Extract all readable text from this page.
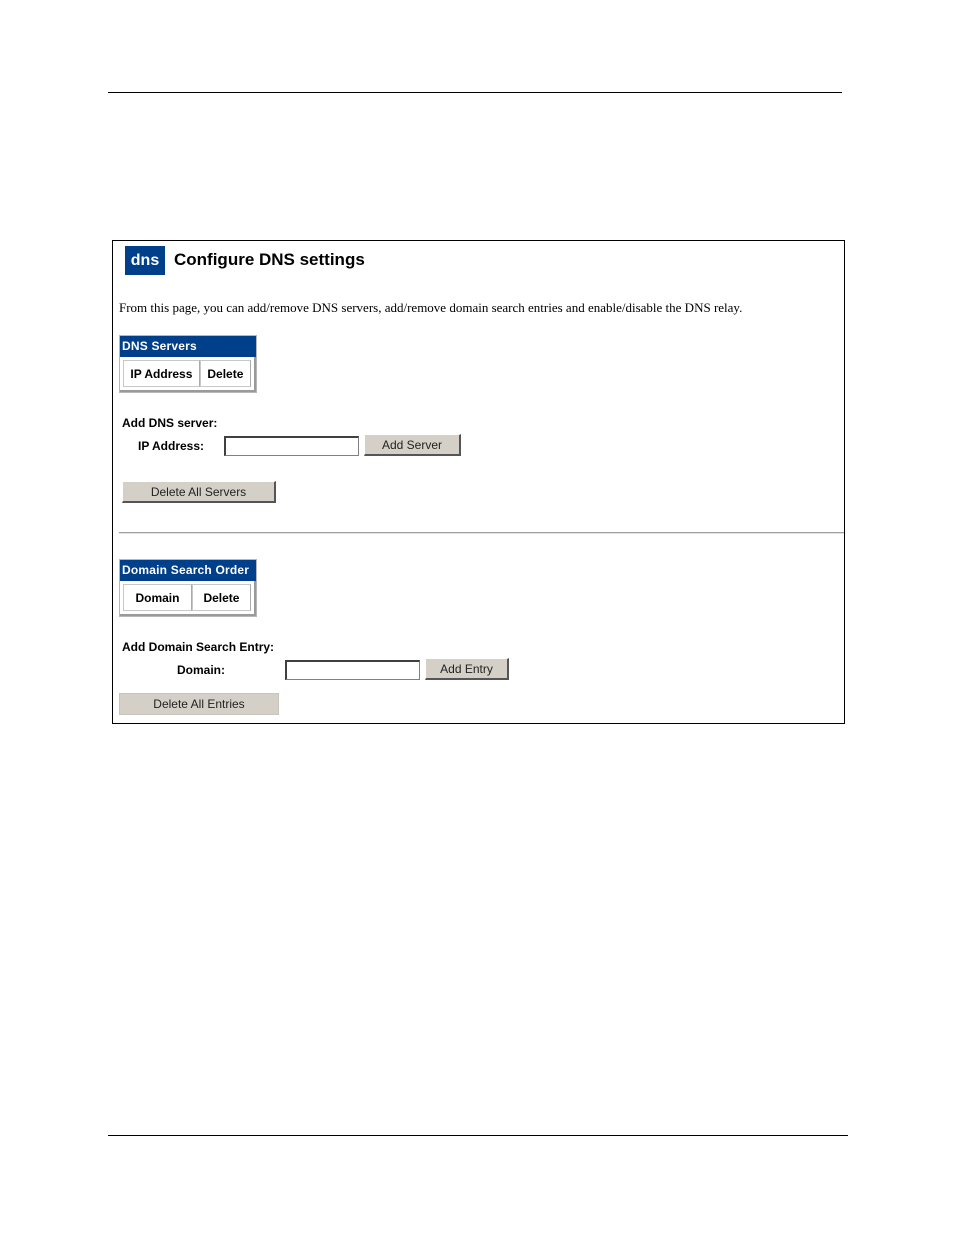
dns Configure DNS settings
From this page, you can add/remove DNS servers, add/remove domain search entries and enable/disable the DNS relay.
DNS Servers
IP Address	Delete
Add DNS server:
IP Address:	Add Server
Delete All Servers
Domain Search Order
Domain	Delete
Add Domain Search Entry:
Domain:	Add Entry
Delete All Entries
